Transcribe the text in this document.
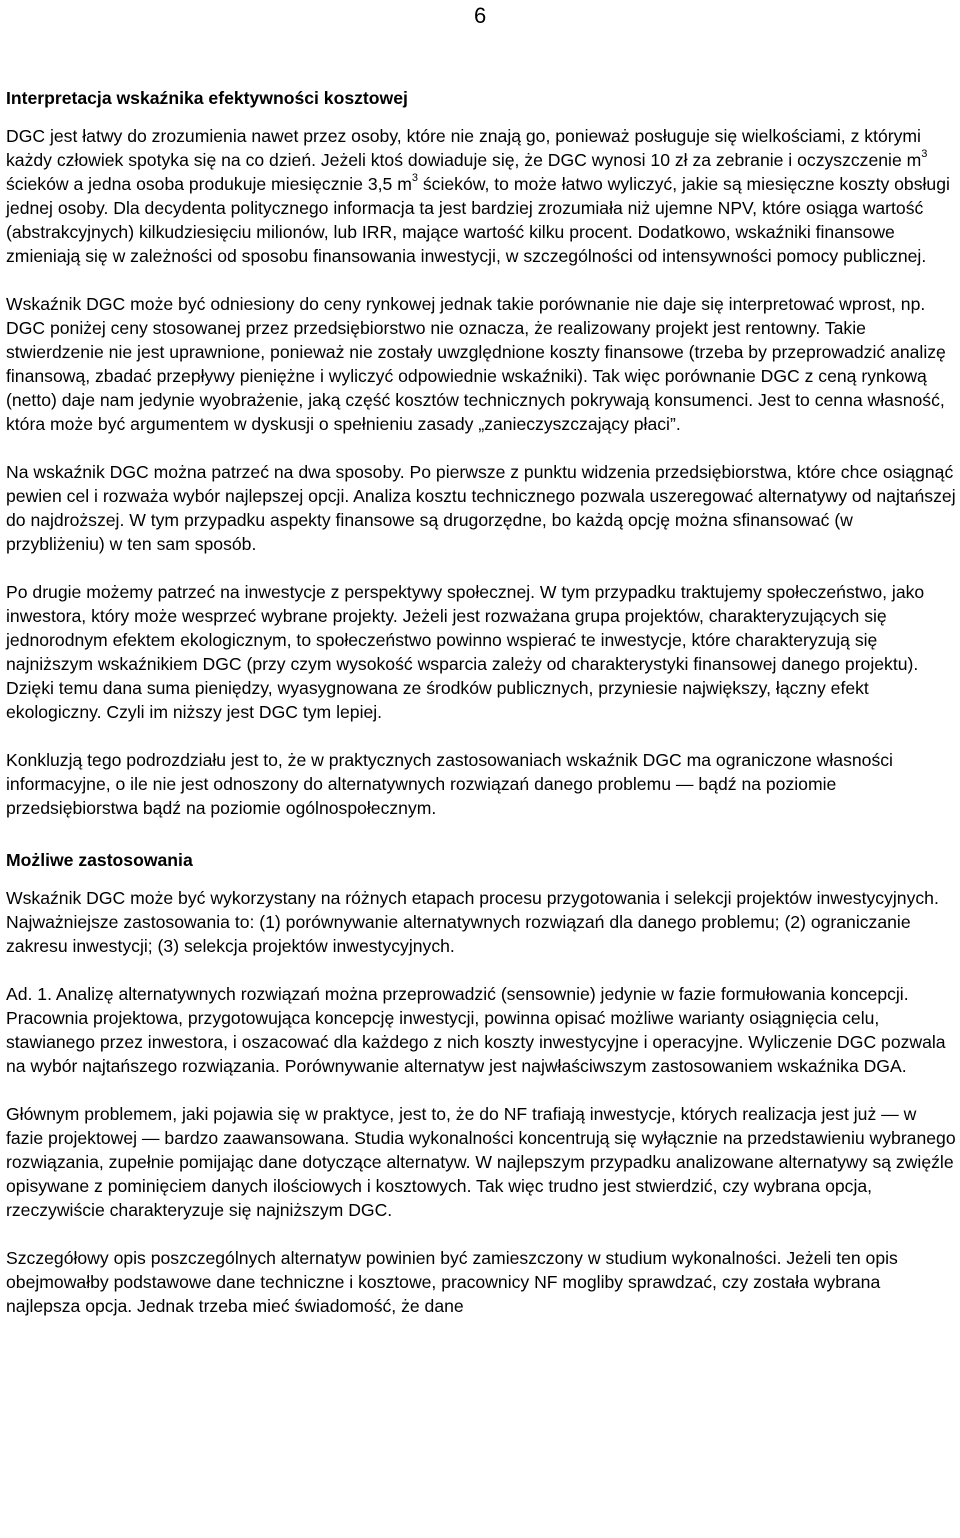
6
Interpretacja wskaźnika efektywności kosztowej

DGC jest łatwy do zrozumienia nawet przez osoby, które nie znają go, ponieważ posługuje się wielkościami, z którymi każdy człowiek spotyka się na co dzień. Jeżeli ktoś dowiaduje się, że DGC wynosi 10 zł za zebranie i oczyszczenie $m^3$ ścieków a jedna osoba produkuje miesięcznie 3,5 $m^3$ ścieków, to może łatwo wyliczyć, jakie są miesięczne koszty obsługi jednej osoby. Dla decydenta politycznego informacja ta jest bardziej zrozumiała niż ujemne NPV, które osiąga wartość (abstrakcyjnych) kilkudziesięciu milionów, lub IRR, mające wartość kilku procent. Dodatkowo, wskaźniki finansowe zmieniają się w zależności od sposobu finansowania inwestycji, w szczególności od intensywności pomocy publicznej.

Wskaźnik DGC może być odniesiony do ceny rynkowej jednak takie porównanie nie daje się interpretować wprost, np. DGC poniżej ceny stosowanej przez przedsiębiorstwo nie oznacza, że realizowany projekt jest rentowny. Takie stwierdzenie nie jest uprawnione, ponieważ nie zostały uwzględnione koszty finansowe (trzeba by przeprowadzić analizę finansową, zbadać przepływy pieniężne i wyliczyć odpowiednie wskaźniki). Tak więc porównanie DGC z ceną rynkową (netto) daje nam jedynie wyobrażenie, jaką część kosztów technicznych pokrywają konsumenci. Jest to cenna własność, która może być argumentem w dyskusji o spełnieniu zasady „zanieczyszczający płaci”.

Na wskaźnik DGC można patrzeć na dwa sposoby. Po pierwsze z punktu widzenia przedsiębiorstwa, które chce osiągnąć pewien cel i rozważa wybór najlepszej opcji. Analiza kosztu technicznego pozwala uszeregować alternatywy od najtańszej do najdroższej. W tym przypadku aspekty finansowe są drugorzędne, bo każdą opcję można sfinansować (w przybliżeniu) w ten sam sposób.

Po drugie możemy patrzeć na inwestycje z perspektywy społecznej. W tym przypadku traktujemy społeczeństwo, jako inwestora, który może wesprzeć wybrane projekty. Jeżeli jest rozważana grupa projektów, charakteryzujących się jednorodnym efektem ekologicznym, to społeczeństwo powinno wspierać te inwestycje, które charakteryzują się najniższym wskaźnikiem DGC (przy czym wysokość wsparcia zależy od charakterystyki finansowej danego projektu). Dzięki temu dana suma pieniędzy, wyasygnowana ze środków publicznych, przyniesie największy, łączny efekt ekologiczny. Czyli im niższy jest DGC tym lepiej.

Konkluzją tego podrozdziału jest to, że w praktycznych zastosowaniach wskaźnik DGC ma ograniczone własności informacyjne, o ile nie jest odnoszony do alternatywnych rozwiązań danego problemu — bądź na poziomie przedsiębiorstwa bądź na poziomie ogólnospołecznym.

Możliwe zastosowania

Wskaźnik DGC może być wykorzystany na różnych etapach procesu przygotowania i selekcji projektów inwestycyjnych. Najważniejsze zastosowania to: (1) porównywanie alternatywnych rozwiązań dla danego problemu; (2) ograniczanie zakresu inwestycji; (3) selekcja projektów inwestycyjnych.

Ad. 1. Analizę alternatywnych rozwiązań można przeprowadzić (sensownie) jedynie w fazie formułowania koncepcji. Pracownia projektowa, przygotowująca koncepcję inwestycji, powinna opisać możliwe warianty osiągnięcia celu, stawianego przez inwestora, i oszacować dla każdego z nich koszty inwestycyjne i operacyjne. Wyliczenie DGC pozwala na wybór najtańszego rozwiązania. Porównywanie alternatyw jest najwłaściwszym zastosowaniem wskaźnika DGA.

Głównym problemem, jaki pojawia się w praktyce, jest to, że do NF trafiają inwestycje, których realizacja jest już — w fazie projektowej — bardzo zaawansowana. Studia wykonalności koncentrują się wyłącznie na przedstawieniu wybranego rozwiązania, zupełnie pomijając dane dotyczące alternatyw. W najlepszym przypadku analizowane alternatywy są zwięźle opisywane z pominięciem danych ilościowych i kosztowych. Tak więc trudno jest stwierdzić, czy wybrana opcja, rzeczywiście charakteryzuje się najniższym DGC.

Szczegółowy opis poszczególnych alternatyw powinien być zamieszczony w studium wykonalności. Jeżeli ten opis obejmowałby podstawowe dane techniczne i kosztowe, pracownicy NF mogliby sprawdzać, czy została wybrana najlepsza opcja. Jednak trzeba mieć świadomość, że dane
